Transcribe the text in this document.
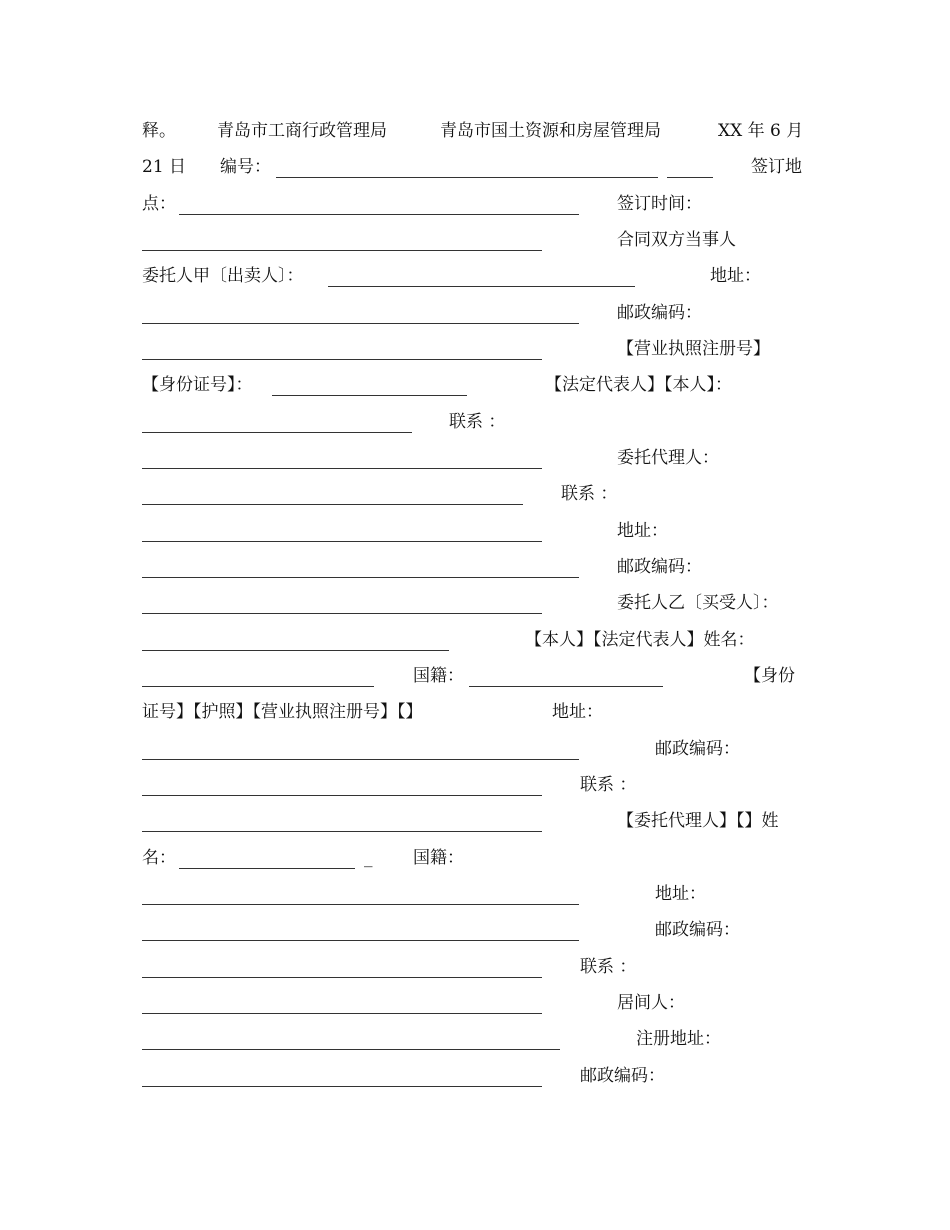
释。 青岛市工商行政管理局	青岛市国土资源和房屋管理局	XX 年 6 月
21 日 编号：	签订地
点：	签订时间：
合同双方当事人
委托人甲〔出卖人〕：	地址：
邮政编码：
【营业执照注册号】
【身份证号】：	【法定代表人】【本人】：
联系 ：
委托代理人：
联系 ：
地址：
邮政编码：
委托人乙〔买受人〕：
【本人】【法定代表人】姓名：
国籍：	【身份
证号】【护照】【营业执照注册号】【】	地址：
邮政编码：
联系 ：
【委托代理人】【】姓
名：	_ 国籍：
地址：
邮政编码：
联系 ：
居间人：
注册地址：
邮政编码：
